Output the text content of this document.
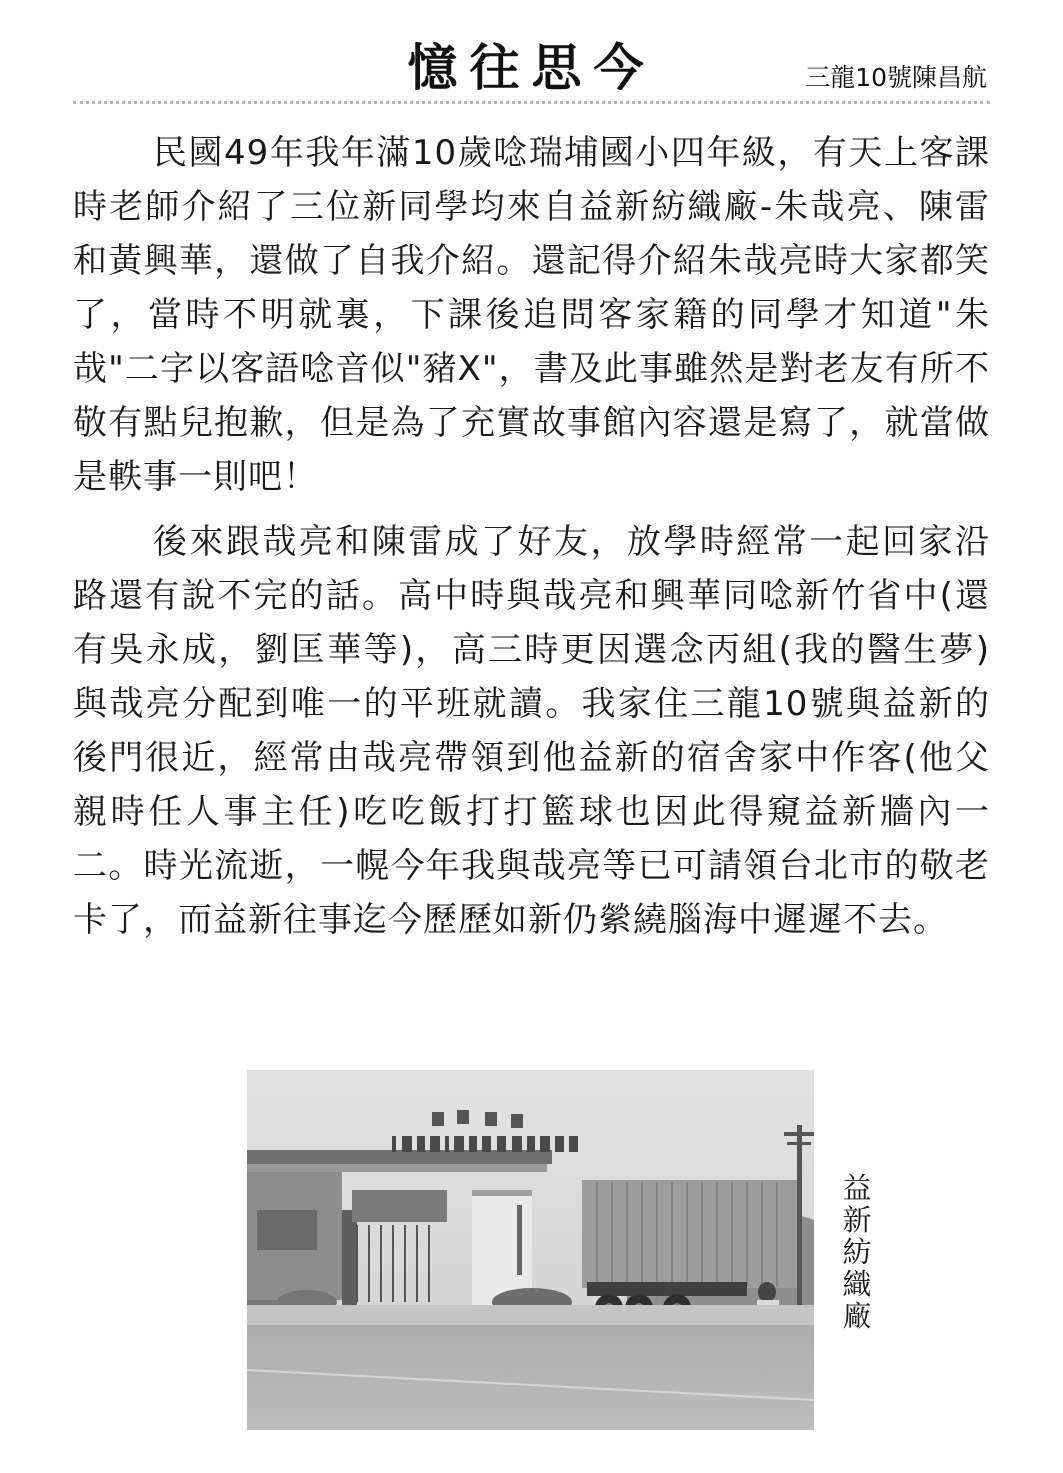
憶往思今	三龍10號陳昌航

民國49年我年滿10歲唸瑞埔國小四年級，有天上客課時老師介紹了三位新同學均來自益新紡織廠-朱哉亮、陳雷和黃興華，還做了自我介紹。還記得介紹朱哉亮時大家都笑了，當時不明就裏，下課後追問客家籍的同學才知道"朱哉"二字以客語唸音似"豬X"，書及此事雖然是對老友有所不敬有點兒抱歉，但是為了充實故事館內容還是寫了，就當做是軼事一則吧！

後來跟哉亮和陳雷成了好友，放學時經常一起回家沿路還有說不完的話。高中時與哉亮和興華同唸新竹省中(還有吳永成，劉匡華等)，高三時更因選念丙組(我的醫生夢)與哉亮分配到唯一的平班就讀。我家住三龍10號與益新的後門很近，經常由哉亮帶領到他益新的宿舍家中作客(他父親時任人事主任)吃吃飯打打籃球也因此得窺益新牆內一二。時光流逝，一幌今年我與哉亮等已可請領台北市的敬老卡了，而益新往事迄今歷歷如新仍縈繞腦海中遲遲不去。

益新紡織廠
